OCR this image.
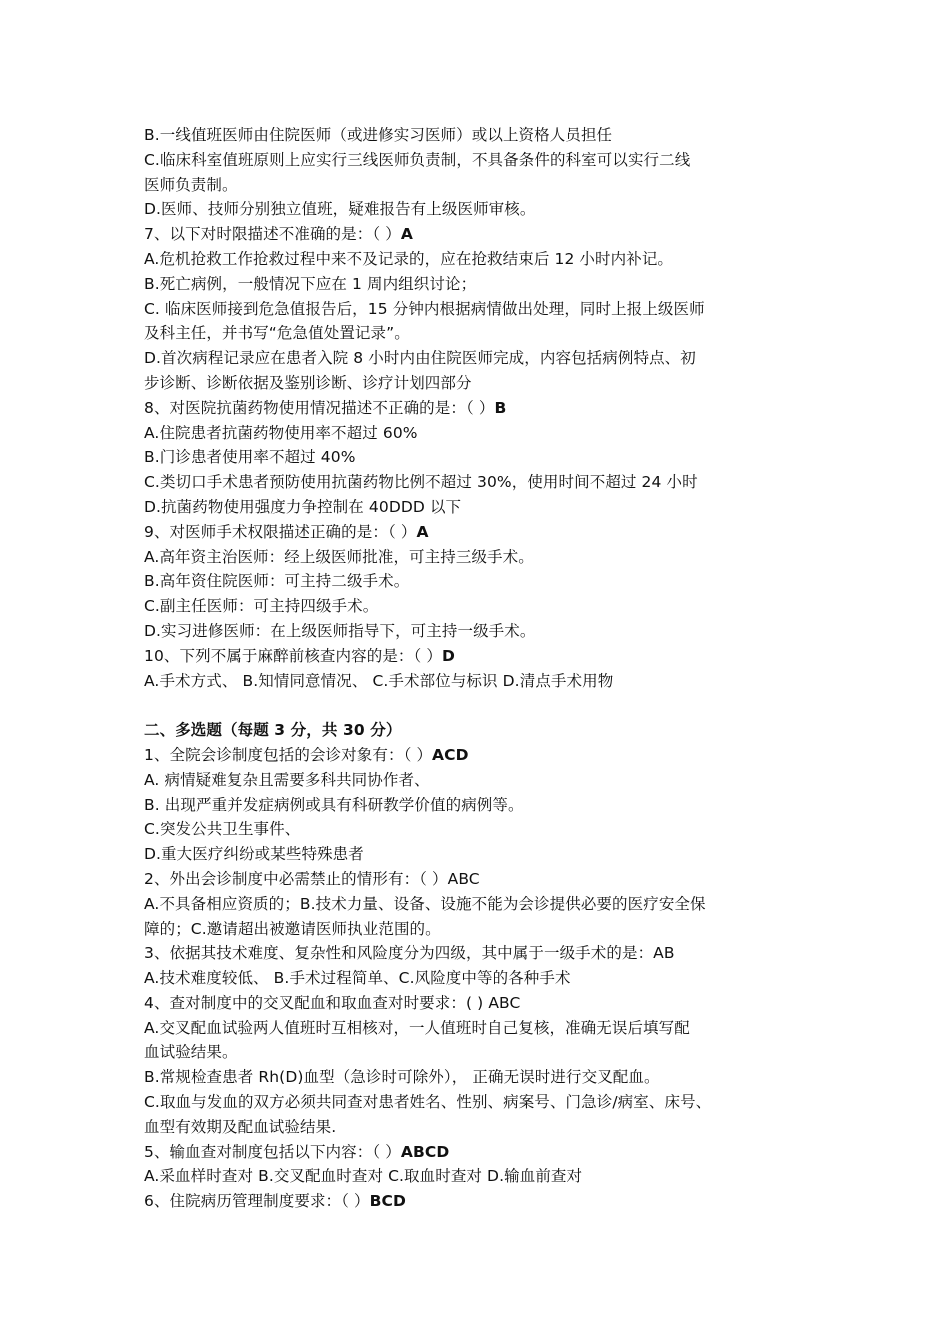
B.一线值班医师由住院医师（或进修实习医师）或以上资格人员担任
C.临床科室值班原则上应实行三线医师负责制，不具备条件的科室可以实行二线
医师负责制。
D.医师、技师分别独立值班，疑难报告有上级医师审核。
7、以下对时限描述不准确的是：（ ）A
A.危机抢救工作抢救过程中来不及记录的，应在抢救结束后 12 小时内补记。
B.死亡病例，一般情况下应在 1 周内组织讨论；
C. 临床医师接到危急值报告后，15 分钟内根据病情做出处理，同时上报上级医师
及科主任，并书写“危急值处置记录”。
D.首次病程记录应在患者入院 8 小时内由住院医师完成，内容包括病例特点、初
步诊断、诊断依据及鉴别诊断、诊疗计划四部分
8、对医院抗菌药物使用情况描述不正确的是：（ ）B
A.住院患者抗菌药物使用率不超过 60%
B.门诊患者使用率不超过 40%
C.类切口手术患者预防使用抗菌药物比例不超过 30%，使用时间不超过 24 小时
D.抗菌药物使用强度力争控制在 40DDD 以下
9、对医师手术权限描述正确的是：（ ）A
A.高年资主治医师：经上级医师批准，可主持三级手术。
B.高年资住院医师：可主持二级手术。
C.副主任医师：可主持四级手术。
D.实习进修医师：在上级医师指导下，可主持一级手术。
10、下列不属于麻醉前核查内容的是：（ ）D
A.手术方式、 B.知情同意情况、 C.手术部位与标识 D.清点手术用物
二、多选题（每题 3 分，共 30 分）
1、全院会诊制度包括的会诊对象有：（ ）ACD
A. 病情疑难复杂且需要多科共同协作者、
B. 出现严重并发症病例或具有科研教学价值的病例等。
C.突发公共卫生事件、
D.重大医疗纠纷或某些特殊患者
2、外出会诊制度中必需禁止的情形有：（ ）ABC
A.不具备相应资质的；B.技术力量、设备、设施不能为会诊提供必要的医疗安全保
障的；C.邀请超出被邀请医师执业范围的。
3、依据其技术难度、复杂性和风险度分为四级，其中属于一级手术的是：AB
A.技术难度较低、 B.手术过程简单、C.风险度中等的各种手术
4、查对制度中的交叉配血和取血查对时要求：( ) ABC
A.交叉配血试验两人值班时互相核对，一人值班时自己复核，准确无误后填写配
血试验结果。
B.常规检查患者 Rh(D)血型（急诊时可除外）， 正确无误时进行交叉配血。
C.取血与发血的双方必须共同查对患者姓名、性别、病案号、门急诊/病室、床号、
血型有效期及配血试验结果.
5、输血查对制度包括以下内容：（ ）ABCD
A.采血样时查对 B.交叉配血时查对 C.取血时查对 D.输血前查对
6、住院病历管理制度要求：（ ）BCD
